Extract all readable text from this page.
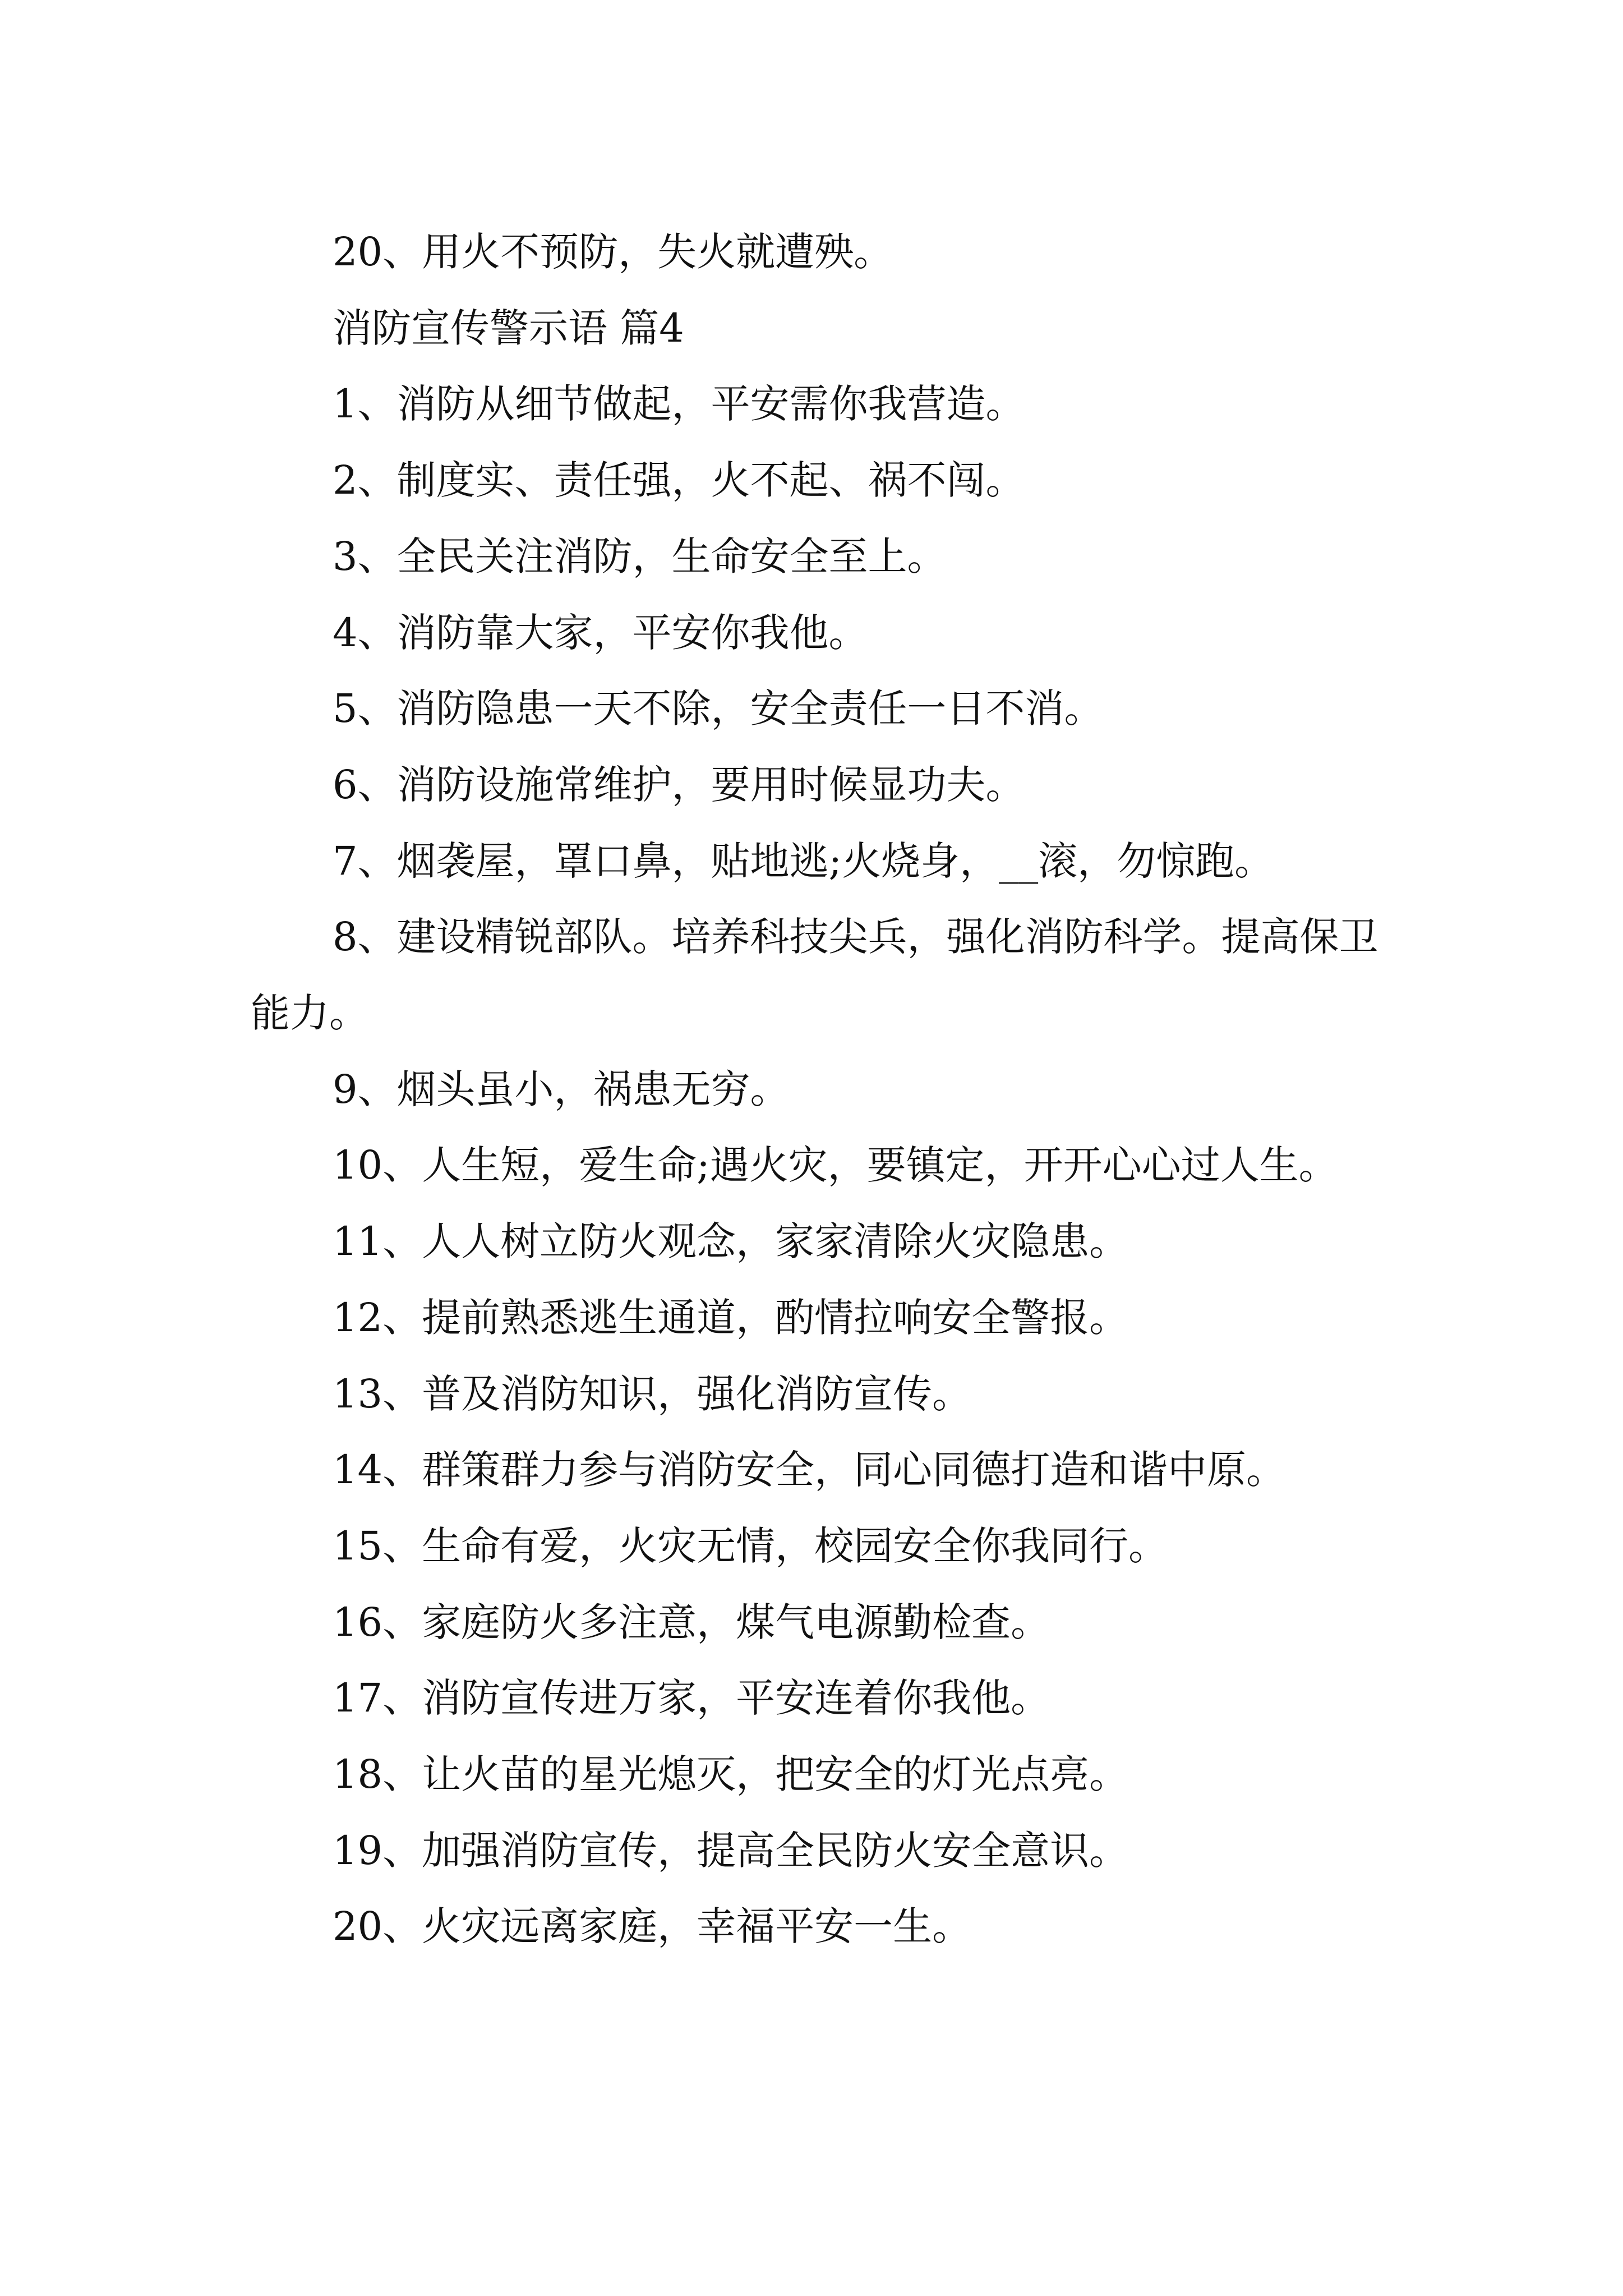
20、用火不预防，失火就遭殃。

消防宣传警示语 篇4

1、消防从细节做起，平安需你我营造。

2、制度实、责任强，火不起、祸不闯。

3、全民关注消防，生命安全至上。

4、消防靠大家，平安你我他。

5、消防隐患一天不除，安全责任一日不消。

6、消防设施常维护，要用时候显功夫。

7、烟袭屋，罩口鼻，贴地逃;火烧身，__滚，勿惊跑。

8、建设精锐部队。培养科技尖兵，强化消防科学。提高保卫能力。

9、烟头虽小，祸患无穷。

10、人生短，爱生命;遇火灾，要镇定，开开心心过人生。

11、人人树立防火观念，家家清除火灾隐患。

12、提前熟悉逃生通道，酌情拉响安全警报。

13、普及消防知识，强化消防宣传。

14、群策群力参与消防安全，同心同德打造和谐中原。

15、生命有爱，火灾无情，校园安全你我同行。

16、家庭防火多注意，煤气电源勤检查。

17、消防宣传进万家，平安连着你我他。

18、让火苗的星光熄灭，把安全的灯光点亮。

19、加强消防宣传，提高全民防火安全意识。

20、火灾远离家庭，幸福平安一生。
